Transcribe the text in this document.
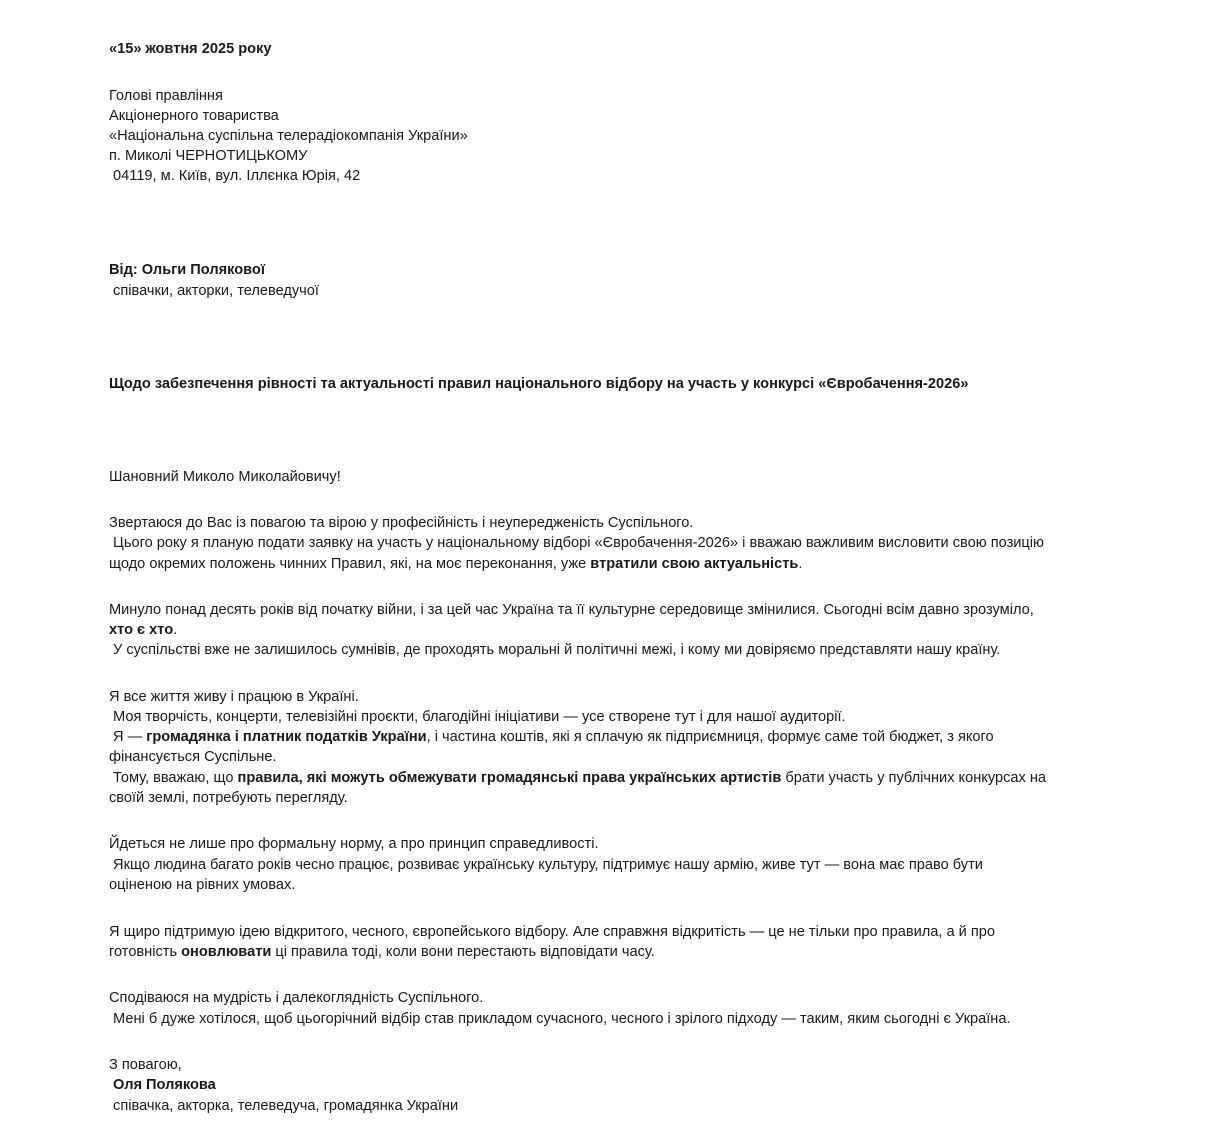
«15» жовтня 2025 року
Голові правління
Акціонерного товариства
«Національна суспільна телерадіокомпанія України»
п. Миколі ЧЕРНОТИЦЬКОМУ
04119, м. Київ, вул. Іллєнка Юрія, 42
Від: Ольги Полякової
співачки, акторки, телеведучої
Щодо забезпечення рівності та актуальності правил національного відбору на участь у конкурсі «Євробачення-2026»
Шановний Миколо Миколайовичу!
Звертаюся до Вас із повагою та вірою у професійність і неупередженість Суспільного.
Цього року я планую подати заявку на участь у національному відборі «Євробачення-2026» і вважаю важливим висловити свою позицію
щодо окремих положень чинних Правил, які, на моє переконання, уже втратили свою актуальність.
Минуло понад десять років від початку війни, і за цей час Україна та її культурне середовище змінилися. Сьогодні всім давно зрозуміло,
хто є хто.
У суспільстві вже не залишилось сумнівів, де проходять моральні й політичні межі, і кому ми довіряємо представляти нашу країну.
Я все життя живу і працюю в Україні.
Моя творчість, концерти, телевізійні проєкти, благодійні ініціативи — усе створене тут і для нашої аудиторії.
Я — громадянка і платник податків України, і частина коштів, які я сплачую як підприємниця, формує саме той бюджет, з якого
фінансується Суспільне.
Тому, вважаю, що правила, які можуть обмежувати громадянські права українських артистів брати участь у публічних конкурсах на
своїй землі, потребують перегляду.
Йдеться не лише про формальну норму, а про принцип справедливості.
Якщо людина багато років чесно працює, розвиває українську культуру, підтримує нашу армію, живе тут — вона має право бути
оціненою на рівних умовах.
Я щиро підтримую ідею відкритого, чесного, європейського відбору. Але справжня відкритість — це не тільки про правила, а й про
готовність оновлювати ці правила тоді, коли вони перестають відповідати часу.
Сподіваюся на мудрість і далекоглядність Суспільного.
Мені б дуже хотілося, щоб цьогорічний відбір став прикладом сучасного, чесного і зрілого підходу — таким, яким сьогодні є Україна.
З повагою,
Оля Полякова
співачка, акторка, телеведуча, громадянка України
